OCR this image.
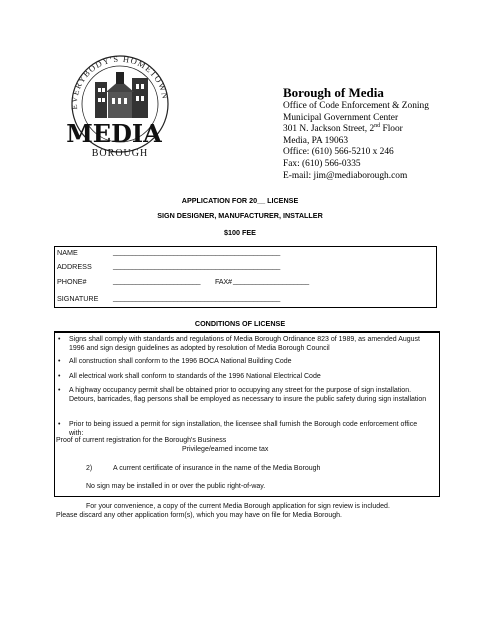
EVERYBODY'S HOMETOWN
MEDIA
BOROUGH
Borough of Media
Office of Code Enforcement & Zoning
Municipal Government Center
301 N. Jackson Street, 2nd Floor
Media, PA 19063
Office: (610) 566-5210 x 246
Fax: (610) 566-0335
E-mail: jim@mediaborough.com
APPLICATION FOR 20__ LICENSE
SIGN DESIGNER, MANUFACTURER, INSTALLER
$100 FEE
NAME	____________________________________________
ADDRESS	____________________________________________
PHONE#	_______________________ FAX# ____________________
SIGNATURE ____________________________________________
CONDITIONS OF LICENSE
• Signs shall comply with standards and regulations of Media Borough Ordinance 823 of 1989, as amended August 1996 and sign design guidelines as adopted by resolution of Media Borough Council
• All construction shall conform to the 1996 BOCA National Building Code
• All electrical work shall conform to standards of the 1996 National Electrical Code
• A highway occupancy permit shall be obtained prior to occupying any street for the purpose of sign installation. Detours, barricades, flag persons shall be employed as necessary to insure the public safety during sign installation
• Prior to being issued a permit for sign installation, the licensee shall furnish the Borough code enforcement office with:
Proof of current registration for the Borough's Business
Privilege/earned income tax
2)	A current certificate of insurance in the name of the Media Borough
No sign may be installed in or over the public right-of-way.
For your convenience, a copy of the current Media Borough application for sign review is included.
Please discard any other application form(s), which you may have on file for Media Borough.
